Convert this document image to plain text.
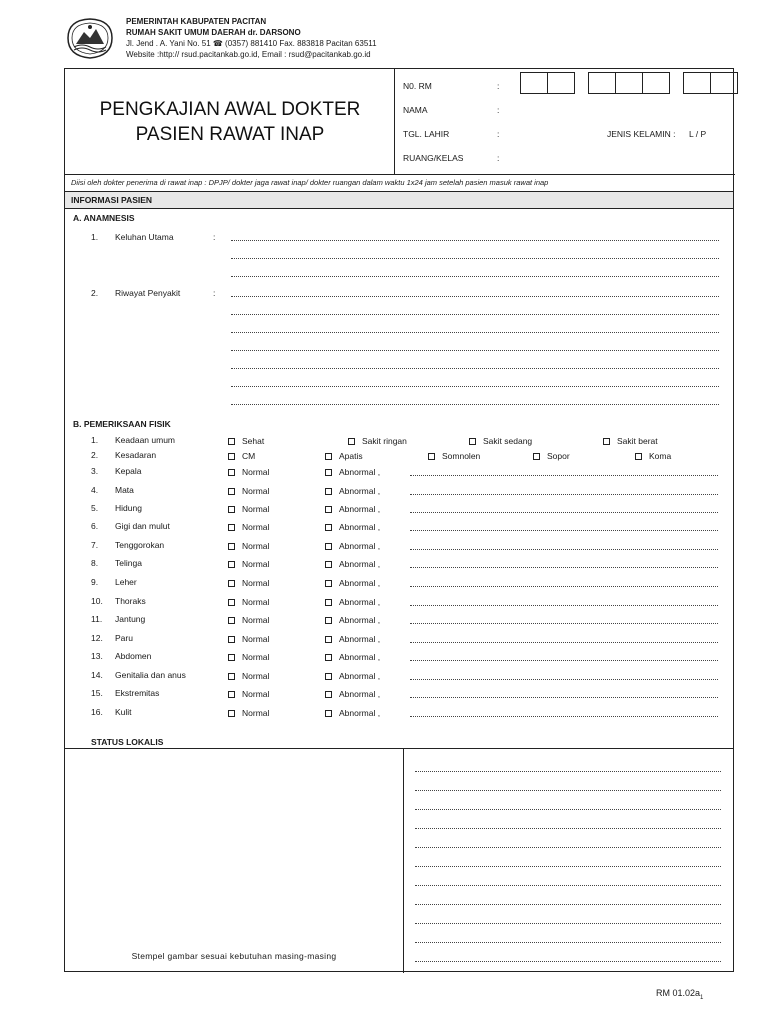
PEMERINTAH KABUPATEN PACITAN
RUMAH SAKIT UMUM DAERAH dr. DARSONO
Jl. Jend . A. Yani No. 51 ☎ (0357) 881410 Fax. 883818 Pacitan 63511
Website :http:// rsud.pacitankab.go.id, Email : rsud@pacitankab.go.id
PENGKAJIAN AWAL DOKTER
PASIEN RAWAT INAP
N0. RM	:
NAMA	:
TGL. LAHIR	:	JENIS KELAMIN : L / P
RUANG/KELAS	:
Diisi oleh dokter penerima di rawat inap : DPJP/ dokter jaga rawat inap/ dokter ruangan dalam waktu 1x24 jam setelah pasien masuk rawat inap
INFORMASI PASIEN
A. ANAMNESIS
1. Keluhan Utama	:
2. Riwayat Penyakit	:
B. PEMERIKSAAN FISIK
1. Keadaan umum	Sehat	Sakit ringan	Sakit sedang	Sakit berat
2. Kesadaran	CM	Apatis	Somnolen	Sopor	Koma
3. Kepala	Normal	Abnormal ,
4. Mata	Normal	Abnormal ,
5. Hidung	Normal	Abnormal ,
6. Gigi dan mulut	Normal	Abnormal ,
7. Tenggorokan	Normal	Abnormal ,
8. Telinga	Normal	Abnormal ,
9. Leher	Normal	Abnormal ,
10. Thoraks	Normal	Abnormal ,
11. Jantung	Normal	Abnormal ,
12. Paru	Normal	Abnormal ,
13. Abdomen	Normal	Abnormal ,
14. Genitalia dan anus	Normal	Abnormal ,
15. Ekstremitas	Normal	Abnormal ,
16. Kulit	Normal	Abnormal ,
STATUS LOKALIS
Stempel gambar sesuai kebutuhan masing-masing
RM $01.02a_1$
